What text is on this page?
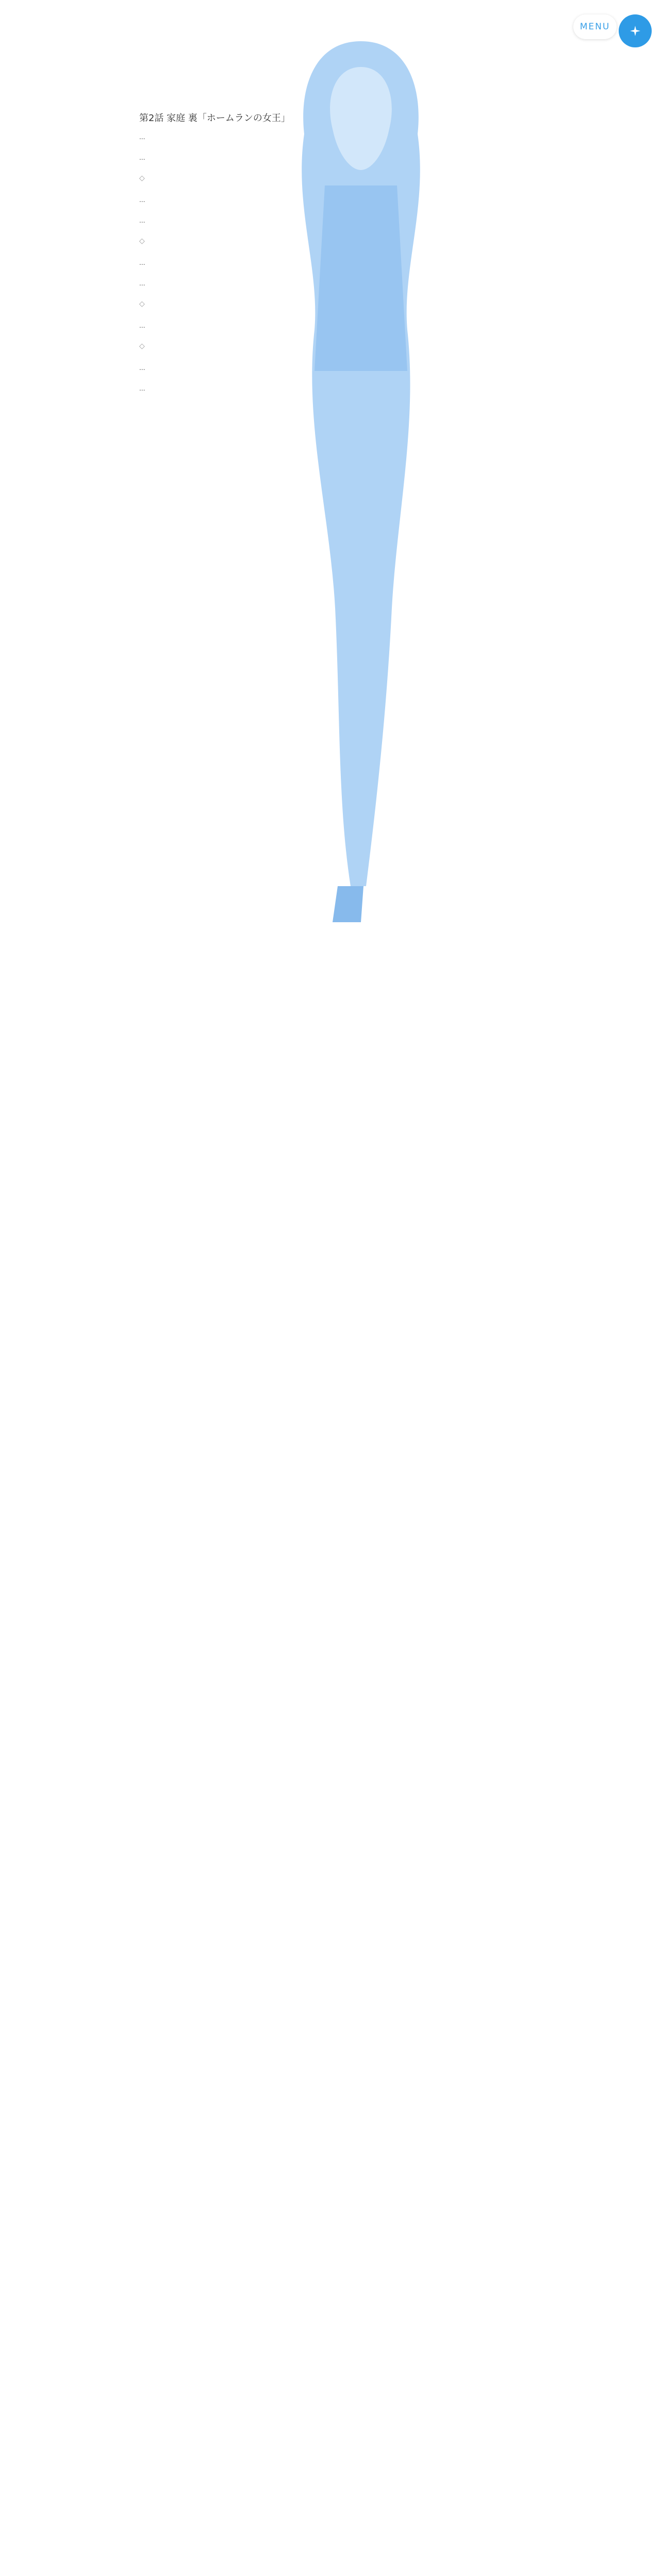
MENU
第2話 家庭 裏「ホームランの女王」
…
…
◇
…
…
◇
…
…
◇
…
◇
…
…
